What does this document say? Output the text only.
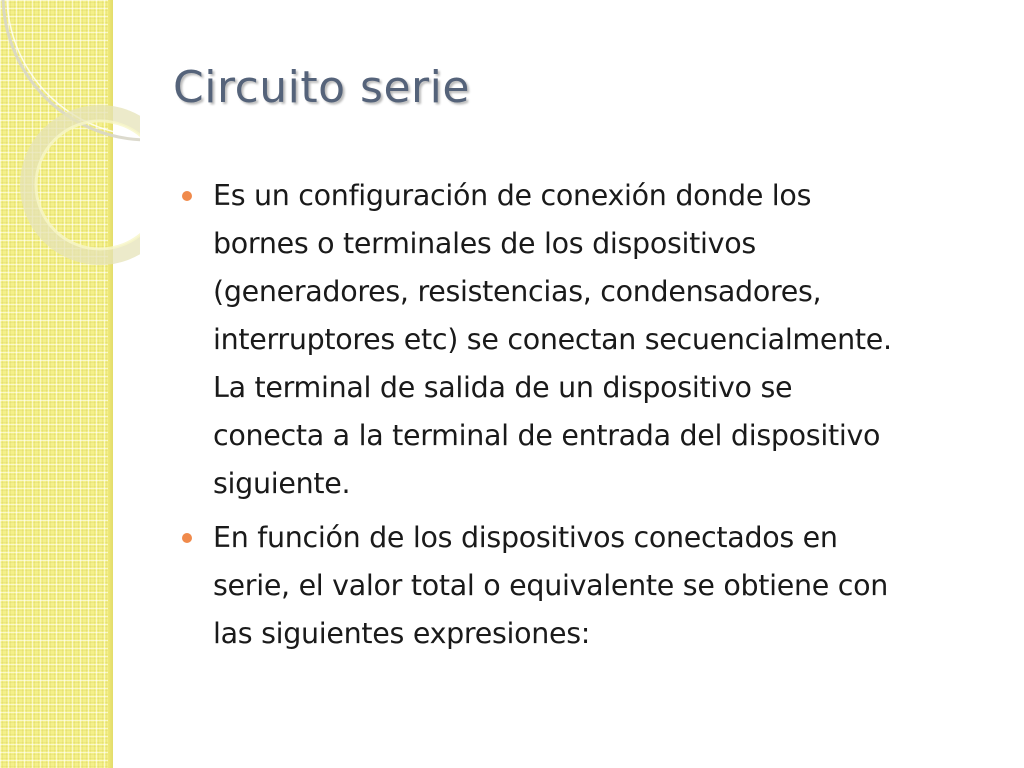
Circuito serie
Es un configuración de conexión donde los
bornes o terminales de los dispositivos
(generadores, resistencias, condensadores,
interruptores etc) se conectan secuencialmente.
La terminal de salida de un dispositivo se
conecta a la terminal de entrada del dispositivo
siguiente.
En función de los dispositivos conectados en
serie, el valor total o equivalente se obtiene con
las siguientes expresiones:
